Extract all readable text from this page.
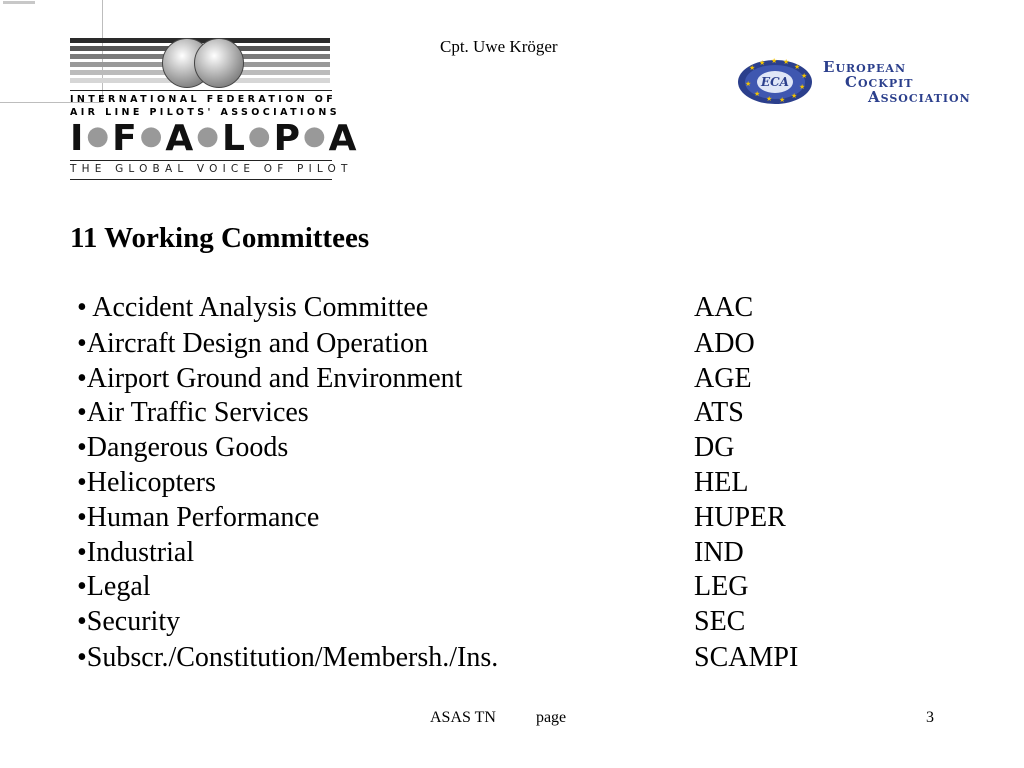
Cpt. Uwe Kröger
INTERNATIONAL FEDERATION OF
AIR LINE PILOTS' ASSOCIATIONS
I ●F ●A ●L ●P ●A
THE GLOBAL VOICE OF PILOT
★
★ ★ ★
★
★
★
★
★
★
★
★ ECA
EUROPEAN
COCKPIT
ASSOCIATION
11 Working Committees
• Accident Analysis Committee	AAC
•Aircraft Design and Operation	ADO
•Airport Ground and Environment	AGE
•Air Traffic Services	ATS
•Dangerous Goods	DG
•Helicopters	HEL
•Human Performance	HUPER
•Industrial	IND
•Legal	LEG
•Security	SEC
•Subscr./Constitution/Membersh./Ins.	SCAMPI
ASAS TN	page	3
